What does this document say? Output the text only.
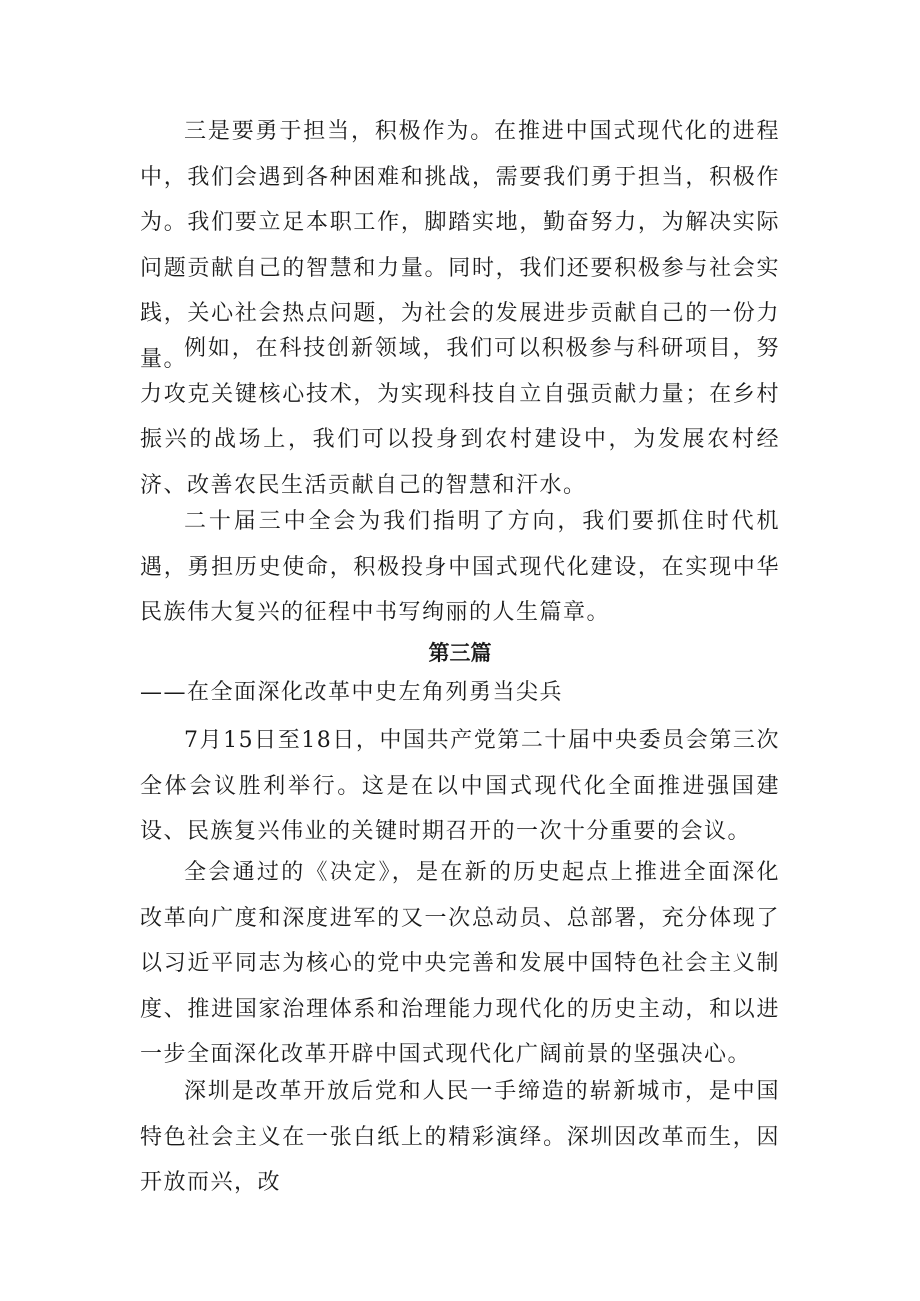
三是要勇于担当，积极作为。在推进中国式现代化的进程中，我们会遇到各种困难和挑战，需要我们勇于担当，积极作为。我们要立足本职工作，脚踏实地，勤奋努力，为解决实际问题贡献自己的智慧和力量。同时，我们还要积极参与社会实践，关心社会热点问题，为社会的发展进步贡献自己的一份力量。

例如，在科技创新领域，我们可以积极参与科研项目，努力攻克关键核心技术，为实现科技自立自强贡献力量；在乡村振兴的战场上，我们可以投身到农村建设中，为发展农村经济、改善农民生活贡献自己的智慧和汗水。

二十届三中全会为我们指明了方向，我们要抓住时代机遇，勇担历史使命，积极投身中国式现代化建设，在实现中华民族伟大复兴的征程中书写绚丽的人生篇章。

第三篇

——在全面深化改革中史左角列勇当尖兵

7月15日至18日，中国共产党第二十届中央委员会第三次全体会议胜利举行。这是在以中国式现代化全面推进强国建设、民族复兴伟业的关键时期召开的一次十分重要的会议。

全会通过的《决定》，是在新的历史起点上推进全面深化改革向广度和深度进军的又一次总动员、总部署，充分体现了以习近平同志为核心的党中央完善和发展中国特色社会主义制度、推进国家治理体系和治理能力现代化的历史主动，和以进一步全面深化改革开辟中国式现代化广阔前景的坚强决心。

深圳是改革开放后党和人民一手缔造的崭新城市，是中国特色社会主义在一张白纸上的精彩演绎。深圳因改革而生，因开放而兴，改
